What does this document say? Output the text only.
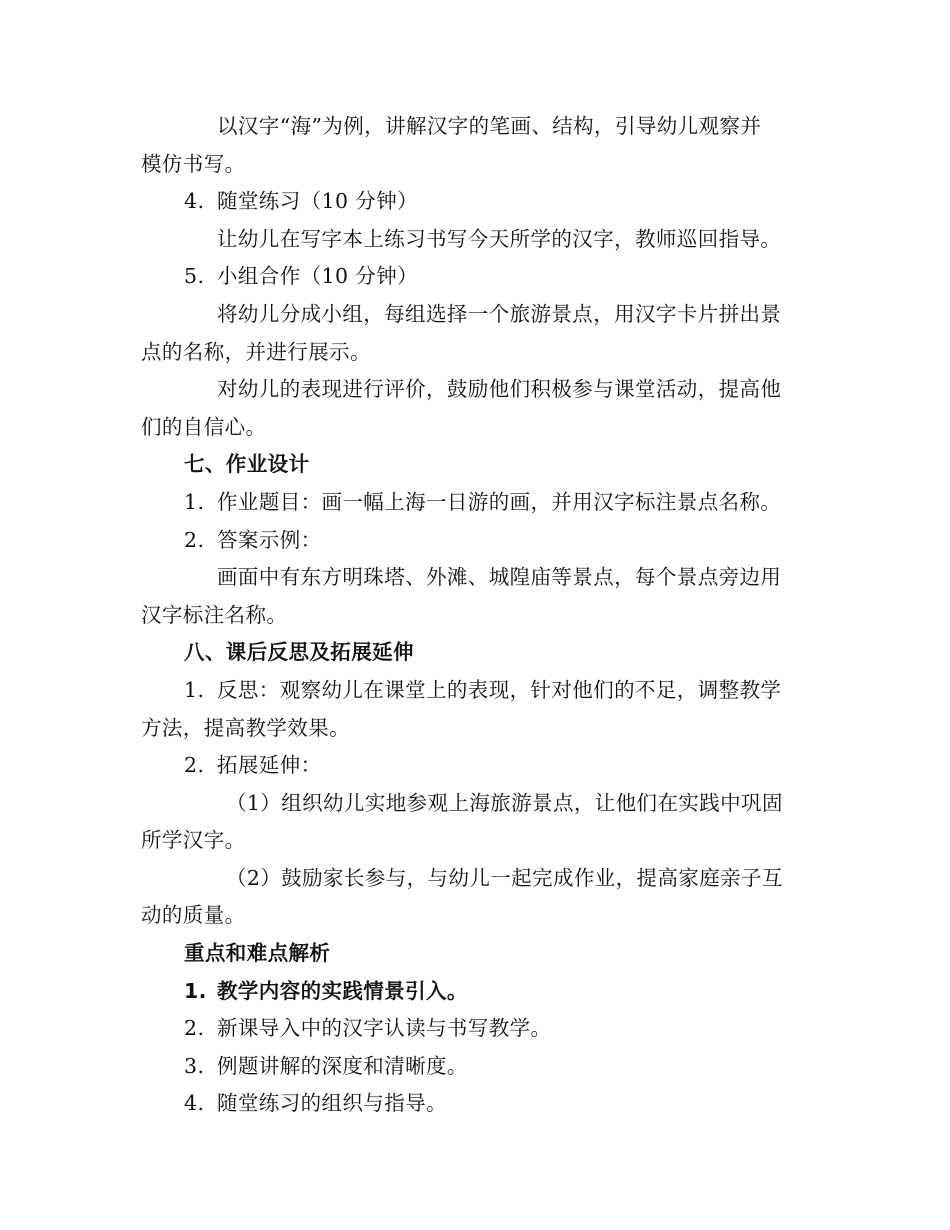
以汉字“海”为例，讲解汉字的笔画、结构，引导幼儿观察并
模仿书写。
4. 随堂练习（10 分钟）
让幼儿在写字本上练习书写今天所学的汉字，教师巡回指导。
5. 小组合作（10 分钟）
将幼儿分成小组，每组选择一个旅游景点，用汉字卡片拼出景
点的名称，并进行展示。
对幼儿的表现进行评价，鼓励他们积极参与课堂活动，提高他
们的自信心。
七、作业设计
1. 作业题目：画一幅上海一日游的画，并用汉字标注景点名称。
2. 答案示例：
画面中有东方明珠塔、外滩、城隍庙等景点，每个景点旁边用
汉字标注名称。
八、课后反思及拓展延伸
1. 反思：观察幼儿在课堂上的表现，针对他们的不足，调整教学
方法，提高教学效果。
2. 拓展延伸：
（1）组织幼儿实地参观上海旅游景点，让他们在实践中巩固
所学汉字。
（2）鼓励家长参与，与幼儿一起完成作业，提高家庭亲子互
动的质量。
重点和难点解析
1. 教学内容的实践情景引入。
2. 新课导入中的汉字认读与书写教学。
3. 例题讲解的深度和清晰度。
4. 随堂练习的组织与指导。
